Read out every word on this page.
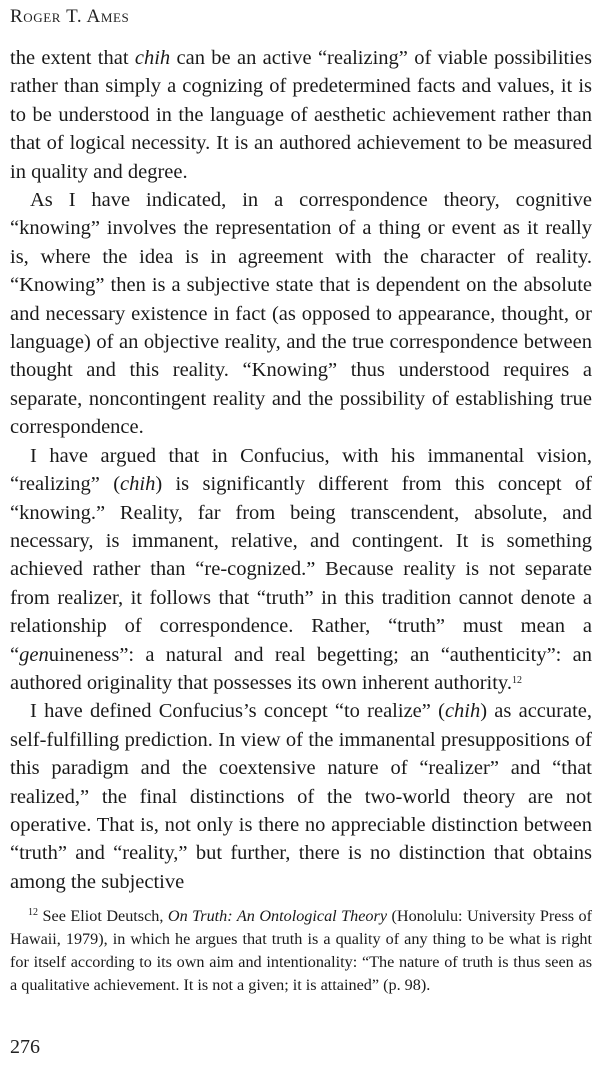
Roger T. Ames

the extent that chih can be an active “realizing” of viable possibilities rather than simply a cognizing of predetermined facts and values, it is to be understood in the language of aesthetic achievement rather than that of logical necessity. It is an authored achievement to be measured in quality and degree.

As I have indicated, in a correspondence theory, cognitive “knowing” involves the representation of a thing or event as it really is, where the idea is in agreement with the character of reality. “Knowing” then is a subjective state that is dependent on the absolute and necessary existence in fact (as opposed to appearance, thought, or language) of an objective reality, and the true correspondence between thought and this reality. “Knowing” thus understood requires a separate, noncontingent reality and the possibility of establishing true correspondence.

I have argued that in Confucius, with his immanental vision, “realizing” (chih) is significantly different from this concept of “knowing.” Reality, far from being transcendent, absolute, and necessary, is immanent, relative, and contingent. It is something achieved rather than “re-cognized.” Because reality is not separate from realizer, it follows that “truth” in this tradition cannot denote a relationship of correspondence. Rather, “truth” must mean a “genuineness”: a natural and real begetting; an “authenticity”: an authored originality that possesses its own inherent authority.$^{12}$

I have defined Confucius’s concept “to realize” (chih) as accurate, self-fulfilling prediction. In view of the immanental presuppositions of this paradigm and the coextensive nature of “realizer” and “that realized,” the final distinctions of the two-world theory are not operative. That is, not only is there no appreciable distinction between “truth” and “reality,” but further, there is no distinction that obtains among the subjective

$^{12}$ See Eliot Deutsch, On Truth: An Ontological Theory (Honolulu: University Press of Hawaii, 1979), in which he argues that truth is a quality of any thing to be what is right for itself according to its own aim and intentionality: “The nature of truth is thus seen as a qualitative achievement. It is not a given; it is attained” (p. 98).

276
